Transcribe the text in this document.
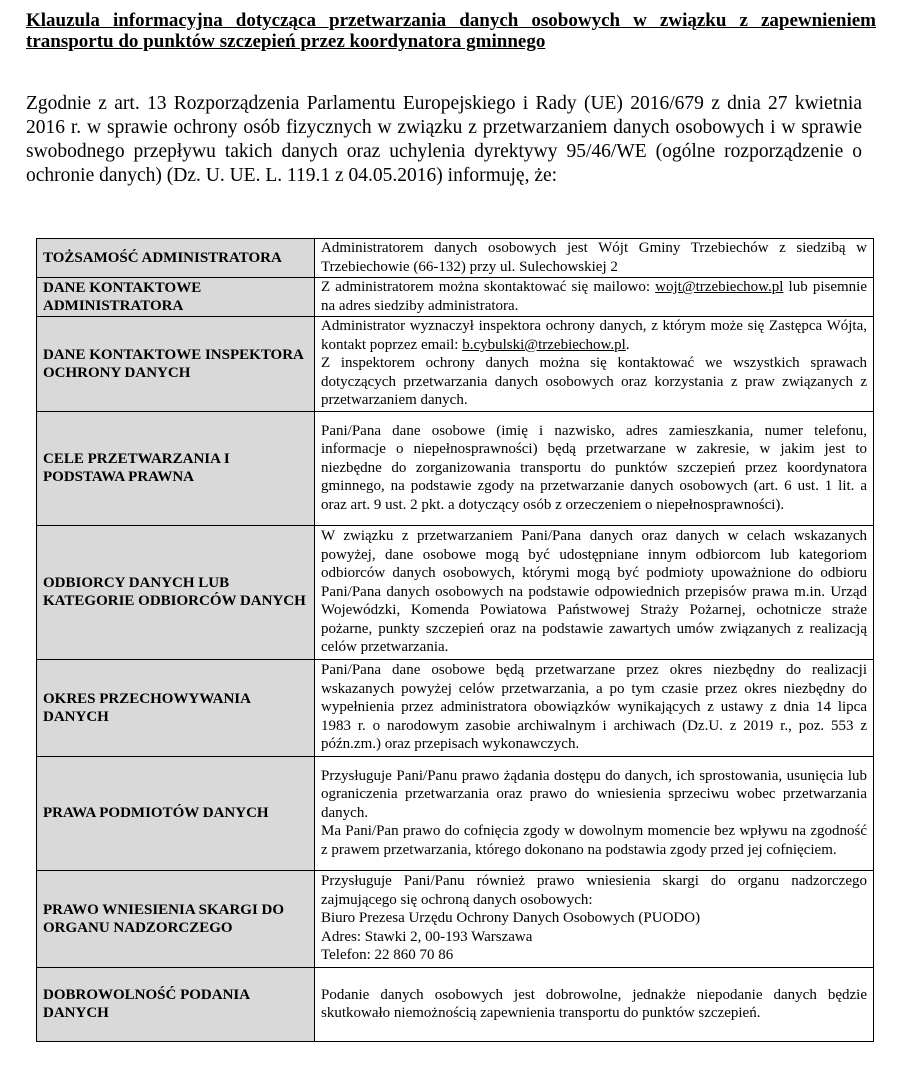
Klauzula informacyjna dotycząca przetwarzania danych osobowych w związku z zapewnieniem transportu do punktów szczepień przez koordynatora gminnego
Zgodnie z art. 13 Rozporządzenia Parlamentu Europejskiego i Rady (UE) 2016/679 z dnia 27 kwietnia 2016 r. w sprawie ochrony osób fizycznych w związku z przetwarzaniem danych osobowych i w sprawie swobodnego przepływu takich danych oraz uchylenia dyrektywy 95/46/WE (ogólne rozporządzenie o ochronie danych) (Dz. U. UE. L. 119.1 z 04.05.2016) informuję, że:
TOŻSAMOŚĆ ADMINISTRATORA	Administratorem danych osobowych jest Wójt Gminy Trzebiechów z siedzibą w Trzebiechowie (66-132) przy ul. Sulechowskiej 2

DANE KONTAKTOWE ADMINISTRATORA	Z administratorem można skontaktować się mailowo: wojt@trzebiechow.pl lub pisemnie na adres siedziby administratora.

DANE KONTAKTOWE INSPEKTORA OCHRONY DANYCH	Administrator wyznaczył inspektora ochrony danych, z którym może się Zastępca Wójta, kontakt poprzez email: b.cybulski@trzebiechow.pl.

Z inspektorem ochrony danych można się kontaktować we wszystkich sprawach dotyczących przetwarzania danych osobowych oraz korzystania z praw związanych z przetwarzaniem danych.

CELE PRZETWARZANIA I PODSTAWA PRAWNA	Pani/Pana dane osobowe (imię i nazwisko, adres zamieszkania, numer telefonu, informacje o niepełnosprawności) będą przetwarzane w zakresie, w jakim jest to niezbędne do zorganizowania transportu do punktów szczepień przez koordynatora gminnego, na podstawie zgody na przetwarzanie danych osobowych (art. 6 ust. 1 lit. a oraz art. 9 ust. 2 pkt. a dotyczący osób z orzeczeniem o niepełnosprawności).

ODBIORCY DANYCH LUB KATEGORIE ODBIORCÓW DANYCH	W związku z przetwarzaniem Pani/Pana danych oraz danych w celach wskazanych powyżej, dane osobowe mogą być udostępniane innym odbiorcom lub kategoriom odbiorców danych osobowych, którymi mogą być podmioty upoważnione do odbioru Pani/Pana danych osobowych na podstawie odpowiednich przepisów prawa m.in. Urząd Wojewódzki, Komenda Powiatowa Państwowej Straży Pożarnej, ochotnicze straże pożarne, punkty szczepień oraz na podstawie zawartych umów związanych z realizacją celów przetwarzania.

OKRES PRZECHOWYWANIA DANYCH	Pani/Pana dane osobowe będą przetwarzane przez okres niezbędny do realizacji wskazanych powyżej celów przetwarzania, a po tym czasie przez okres niezbędny do wypełnienia przez administratora obowiązków wynikających z ustawy z dnia 14 lipca 1983 r. o narodowym zasobie archiwalnym i archiwach (Dz.U. z 2019 r., poz. 553 z późn.zm.) oraz przepisach wykonawczych.

PRAWA PODMIOTÓW DANYCH	Przysługuje Pani/Panu prawo żądania dostępu do danych, ich sprostowania, usunięcia lub ograniczenia przetwarzania oraz prawo do wniesienia sprzeciwu wobec przetwarzania danych.

Ma Pani/Pan prawo do cofnięcia zgody w dowolnym momencie bez wpływu na zgodność z prawem przetwarzania, którego dokonano na podstawia zgody przed jej cofnięciem.

PRAWO WNIESIENIA SKARGI DO ORGANU NADZORCZEGO	Przysługuje Pani/Panu również prawo wniesienia skargi do organu nadzorczego zajmującego się ochroną danych osobowych:

Biuro Prezesa Urzędu Ochrony Danych Osobowych (PUODO)

Adres: Stawki 2, 00-193 Warszawa

Telefon: 22 860 70 86

DOBROWOLNOŚĆ PODANIA DANYCH	Podanie danych osobowych jest dobrowolne, jednakże niepodanie danych będzie skutkowało niemożnością zapewnienia transportu do punktów szczepień.
